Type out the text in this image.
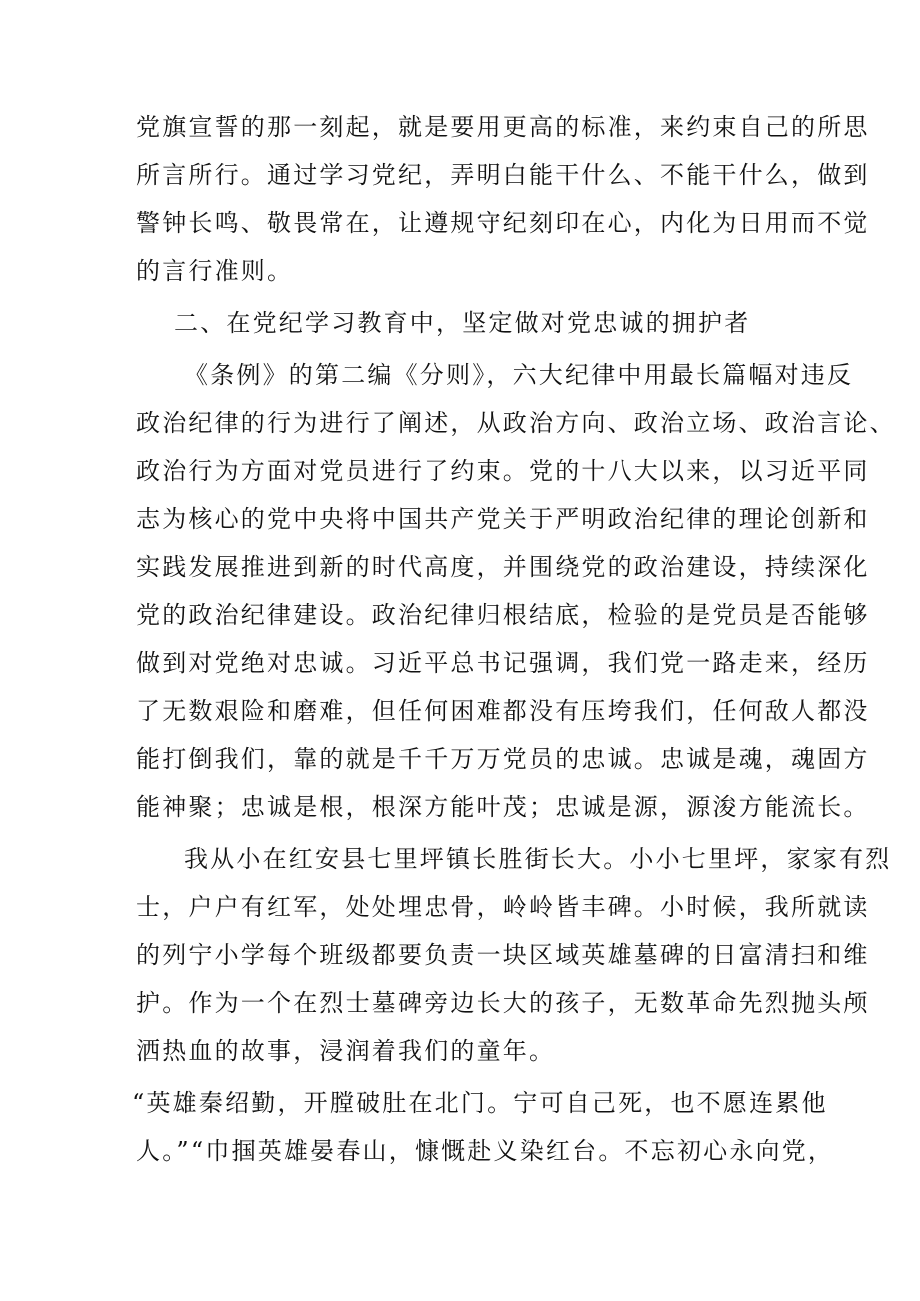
党旗宣誓的那一刻起，就是要用更高的标准，来约束自己的所思
所言所行。通过学习党纪，弄明白能干什么、不能干什么，做到
警钟长鸣、敬畏常在，让遵规守纪刻印在心，内化为日用而不觉
的言行准则。
二、在党纪学习教育中，坚定做对党忠诚的拥护者
《条例》的第二编《分则》，六大纪律中用最长篇幅对违反
政治纪律的行为进行了阐述，从政治方向、政治立场、政治言论、
政治行为方面对党员进行了约束。党的十八大以来，以习近平同
志为核心的党中央将中国共产党关于严明政治纪律的理论创新和
实践发展推进到新的时代高度，并围绕党的政治建设，持续深化
党的政治纪律建设。政治纪律归根结底，检验的是党员是否能够
做到对党绝对忠诚。习近平总书记强调，我们党一路走来，经历
了无数艰险和磨难，但任何困难都没有压垮我们，任何敌人都没
能打倒我们，靠的就是千千万万党员的忠诚。忠诚是魂，魂固方
能神聚；忠诚是根，根深方能叶茂；忠诚是源，源浚方能流长。
我从小在红安县七里坪镇长胜街长大。小小七里坪，家家有烈
士，户户有红军，处处埋忠骨，岭岭皆丰碑。小时候，我所就读
的列宁小学每个班级都要负责一块区域英雄墓碑的日富清扫和维
护。作为一个在烈士墓碑旁边长大的孩子，无数革命先烈抛头颅
洒热血的故事，浸润着我们的童年。
“英雄秦绍勤，开膛破肚在北门。宁可自己死，也不愿连累他
人。”“巾掴英雄晏春山，慷慨赴义染红台。不忘初心永向党，
